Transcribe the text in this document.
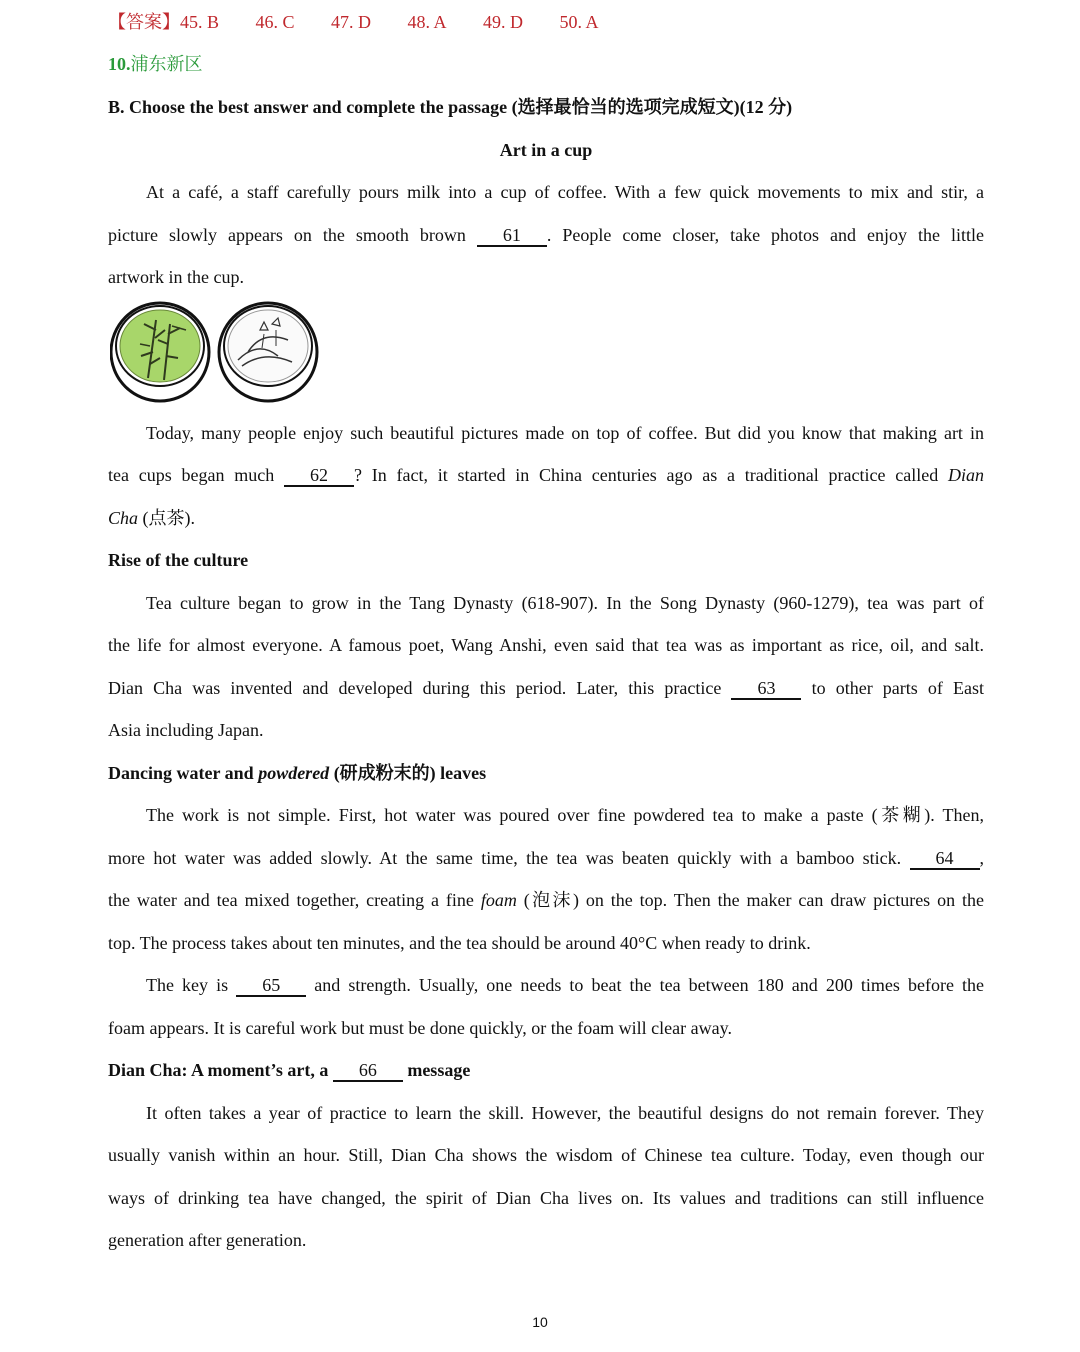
【答案】45. B 46. C 47. D 48. A 49. D 50. A
10.浦东新区
B. Choose the best answer and complete the passage (选择最恰当的选项完成短文)(12 分)
Art in a cup
At a café, a staff carefully pours milk into a cup of coffee. With a few quick movements to mix and stir, a
picture slowly appears on the smooth brown 61 . People come closer, take photos and enjoy the little
artwork in the cup.
Today, many people enjoy such beautiful pictures made on top of coffee. But did you know that making art in
tea cups began much 62 ? In fact, it started in China centuries ago as a traditional practice called Dian
Cha (点茶).
Rise of the culture
Tea culture began to grow in the Tang Dynasty (618-907). In the Song Dynasty (960-1279), tea was part of
the life for almost everyone. A famous poet, Wang Anshi, even said that tea was as important as rice, oil, and salt.
Dian Cha was invented and developed during this period. Later, this practice 63 to other parts of East
Asia including Japan.
Dancing water and powdered (研成粉末的) leaves
The work is not simple. First, hot water was poured over fine powdered tea to make a paste (茶糊). Then,
more hot water was added slowly. At the same time, the tea was beaten quickly with a bamboo stick. 64 ,
the water and tea mixed together, creating a fine foam (泡沫) on the top. Then the maker can draw pictures on the
top. The process takes about ten minutes, and the tea should be around 40°C when ready to drink.
The key is 65 and strength. Usually, one needs to beat the tea between 180 and 200 times before the
foam appears. It is careful work but must be done quickly, or the foam will clear away.
Dian Cha: A moment’s art, a 66 message
It often takes a year of practice to learn the skill. However, the beautiful designs do not remain forever. They
usually vanish within an hour. Still, Dian Cha shows the wisdom of Chinese tea culture. Today, even though our
ways of drinking tea have changed, the spirit of Dian Cha lives on. Its values and traditions can still influence
generation after generation.
10
